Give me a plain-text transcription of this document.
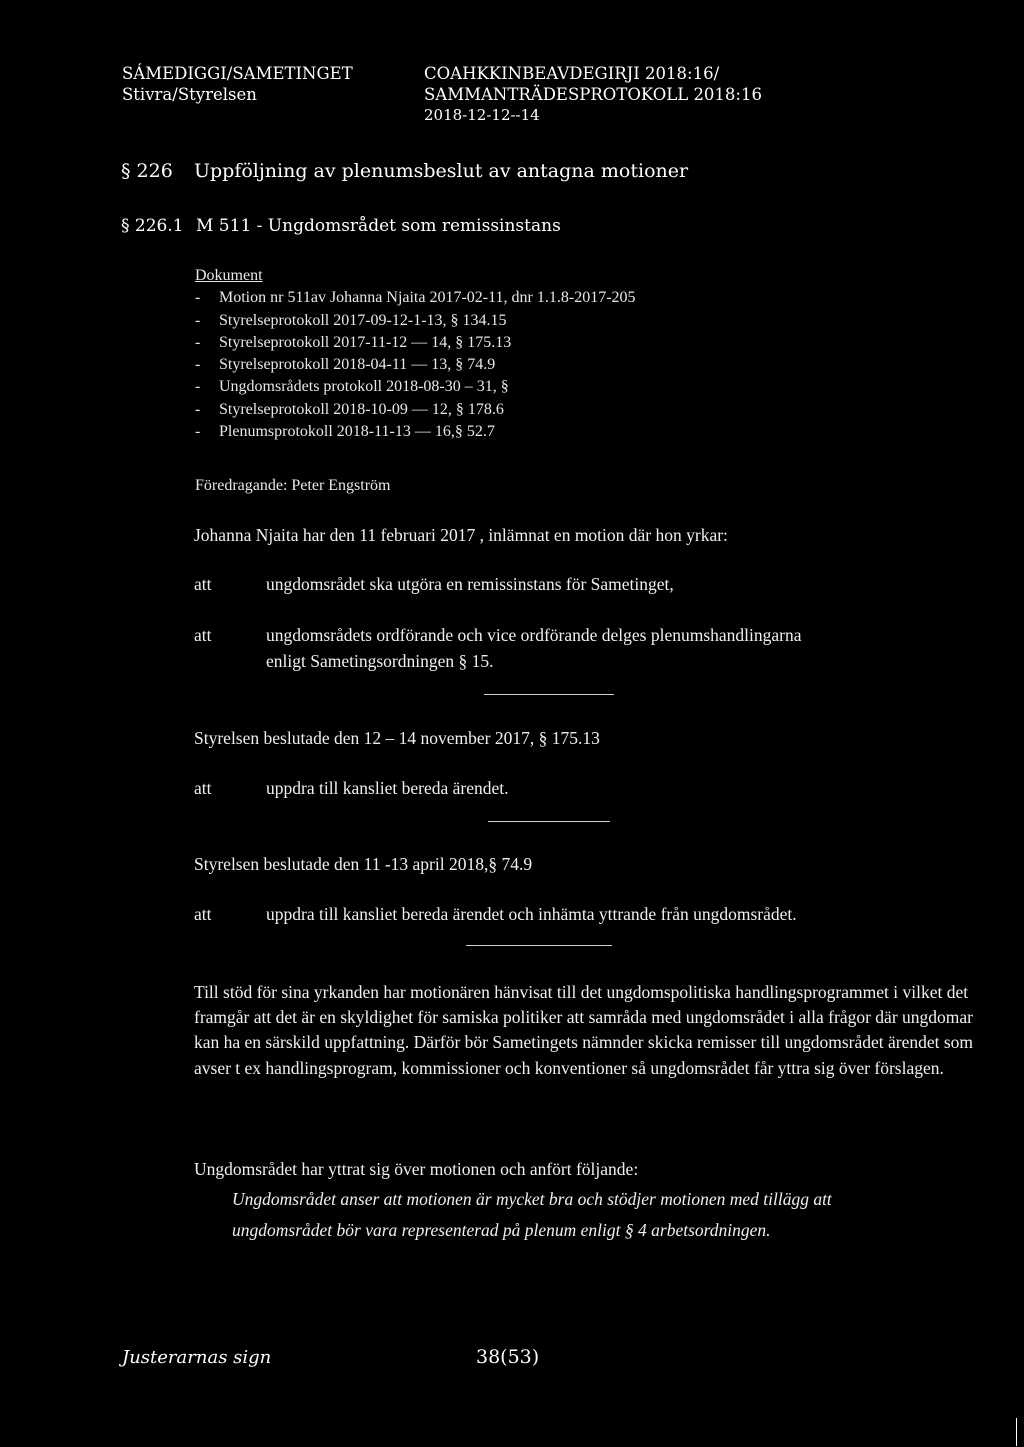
SÁMEDIGGI/SAMETINGET
Stivra/Styrelsen
COAHKKINBEAVDEGIRJI 2018:16/
SAMMANTRÄDESPROTOKOLL 2018:16
2018-12-12--14
§ 226 Uppföljning av plenumsbeslut av antagna motioner
§ 226.1 M 511 - Ungdomsrådet som remissinstans
Dokument
- Motion nr 511av Johanna Njaita 2017-02-11, dnr 1.1.8-2017-205
- Styrelseprotokoll 2017-09-12-1-13, § 134.15
- Styrelseprotokoll 2017-11-12 — 14, § 175.13
- Styrelseprotokoll 2018-04-11 — 13, § 74.9
- Ungdomsrådets protokoll 2018-08-30 – 31, §
- Styrelseprotokoll 2018-10-09 — 12, § 178.6
- Plenumsprotokoll 2018-11-13 — 16,§ 52.7
Föredragande: Peter Engström
Johanna Njaita har den 11 februari 2017 , inlämnat en motion där hon yrkar:
att	ungdomsrådet ska utgöra en remissinstans för Sametinget,
att	ungdomsrådets ordförande och vice ordförande delges plenumshandlingarna
enligt Sametingsordningen § 15.
Styrelsen beslutade den 12 – 14 november 2017, § 175.13
att	uppdra till kansliet bereda ärendet.
Styrelsen beslutade den 11 -13 april 2018,§ 74.9
att	uppdra till kansliet bereda ärendet och inhämta yttrande från ungdomsrådet.
Till stöd för sina yrkanden har motionären hänvisat till det ungdomspolitiska handlingsprogrammet i vilket det framgår att det är en skyldighet för samiska politiker att samråda med ungdomsrådet i alla frågor där ungdomar kan ha en särskild uppfattning. Därför bör Sametingets nämnder skicka remisser till ungdomsrådet ärendet som avser t ex handlingsprogram, kommissioner och konventioner så ungdomsrådet får yttra sig över förslagen.
Ungdomsrådet har yttrat sig över motionen och anfört följande:
Ungdomsrådet anser att motionen är mycket bra och stödjer motionen med tillägg att
ungdomsrådet bör vara representerad på plenum enligt § 4 arbetsordningen.
Justerarnas sign	38(53)
